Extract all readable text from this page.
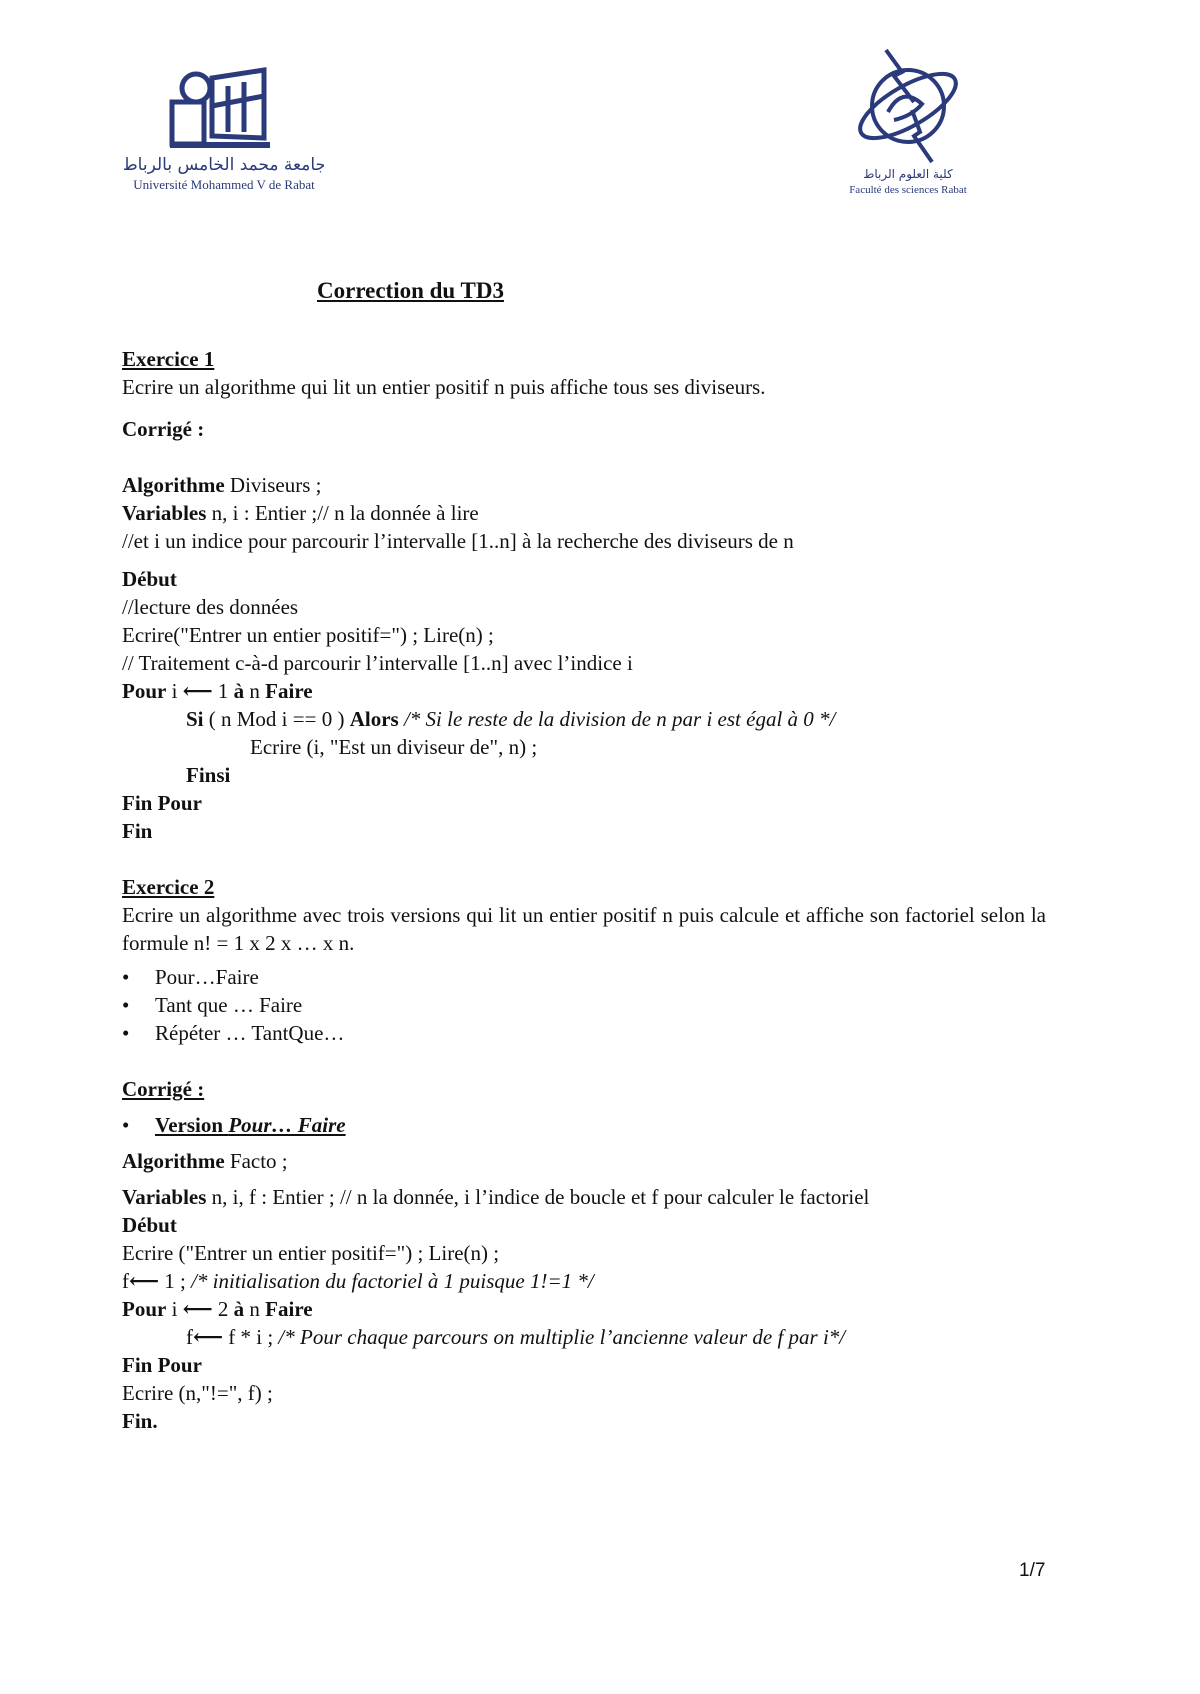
جامعة محمد الخامس بالرباط
Université Mohammed V de Rabat
كلية العلوم الرباط
Faculté des sciences Rabat
Correction du TD3

Exercice 1

Ecrire un algorithme qui lit un entier positif n puis affiche tous ses diviseurs.

Corrigé :

Algorithme Diviseurs ;

Variables n, i : Entier ;// n la donnée à lire

//et i un indice pour parcourir l’intervalle [1..n] à la recherche des diviseurs de n

Début

//lecture des données

Ecrire("Entrer un entier positif=") ; Lire(n) ;

// Traitement c-à-d parcourir l’intervalle [1..n] avec l’indice i

Pour i ⟵ 1 à n Faire

Si ( n Mod i == 0 ) Alors /* Si le reste de la division de n par i est égal à 0 */

Ecrire (i, "Est un diviseur de", n) ;

Finsi

Fin Pour

Fin

Exercice 2

Ecrire un algorithme avec trois versions qui lit un entier positif n puis calcule et affiche son factoriel selon la formule n! = 1 x 2 x … x n.

• Pour…Faire
• Tant que … Faire
• Répéter … TantQue…

Corrigé :

• Version Pour… Faire

Algorithme Facto ;

Variables n, i, f : Entier ; // n la donnée, i l’indice de boucle et f pour calculer le factoriel

Début

Ecrire ("Entrer un entier positif=") ; Lire(n) ;

f⟵ 1 ; /* initialisation du factoriel à 1 puisque 1!=1 */

Pour i ⟵ 2 à n Faire

f⟵ f * i ; /* Pour chaque parcours on multiplie l’ancienne valeur de f par i*/

Fin Pour

Ecrire (n,"!=", f) ;

Fin.

1/7
